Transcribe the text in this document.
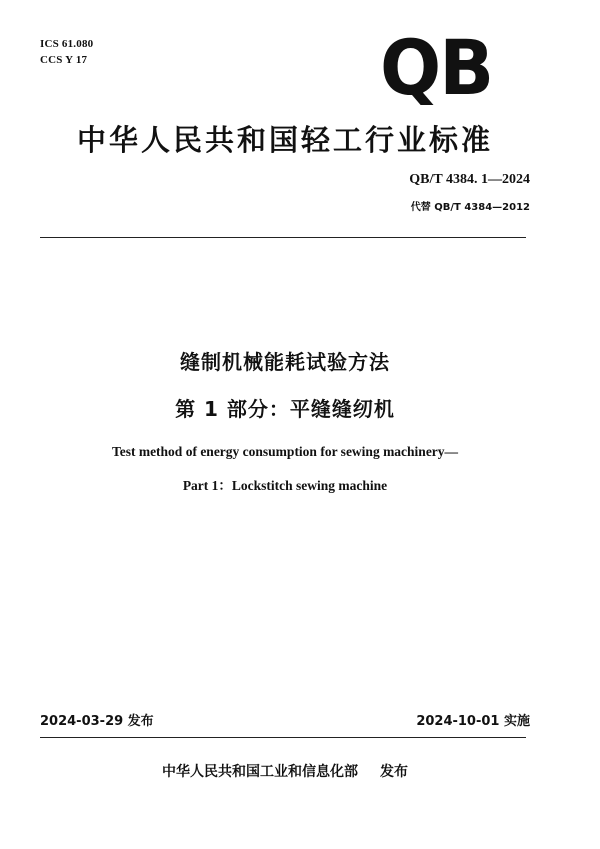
ICS 61.080
CCS Y 17	QB
中华人民共和国轻工行业标准
QB/T 4384. 1—2024
代替 QB/T 4384—2012
缝制机械能耗试验方法
第 1 部分：平缝缝纫机
Test method of energy consumption for sewing machinery—
Part 1：Lockstitch sewing machine
2024-03-29 发布	2024-10-01 实施
中华人民共和国工业和信息化部 发布
